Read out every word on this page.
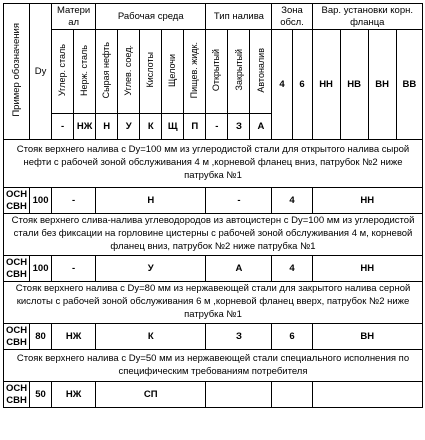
Пример обозначения	Dy	Матери ал		Рабочая среда					Тип налива			Зона обсл.		Вар. установки корн. фланца			
		Углер. сталь	Нерж. сталь	Сырая нефть	Углев. соед.	Кислоты	Щелочи	Пищев. жидк.	Открытый	Закрытый	Автоналив	4	6	НН	НВ	ВН	ВВ
		-	НЖ	Н	У	К	Щ	П	-	З	А						
Стояк верхнего налива с Dy=100 мм из углеродистой стали для открытого налива сырой нефти с рабочей зоной обслуживания 4 м ,корневой фланец вниз, патрубок №2 ниже патрубка №1																	
ОСН
СВН	100	-		Н					-			4		НН			
Стояк верхнего слива-налива углеводородов из автоцистерн с Dy=100 мм из углеродистой стали без фиксации на горловине цистерны с рабочей зоной обслуживания 4 м, корневой фланец вниз, патрубок №2 ниже патрубка №1																	
ОСН
СВН	100	-		У					А			4		НН			
Стояк верхнего налива с Dy=80 мм из нержавеющей стали для закрытого налива серной кислоты с рабочей зоной обслуживания 6 м ,корневой фланец вверх, патрубок №2 ниже патрубка №1																	
ОСН
СВН	80	НЖ		К					З			6		ВН			
Стояк верхнего налива с Dy=50 мм из нержавеющей стали специального исполнения по специфическим требованиям потребителя																	
ОСН
СВН	50	НЖ		СП													
